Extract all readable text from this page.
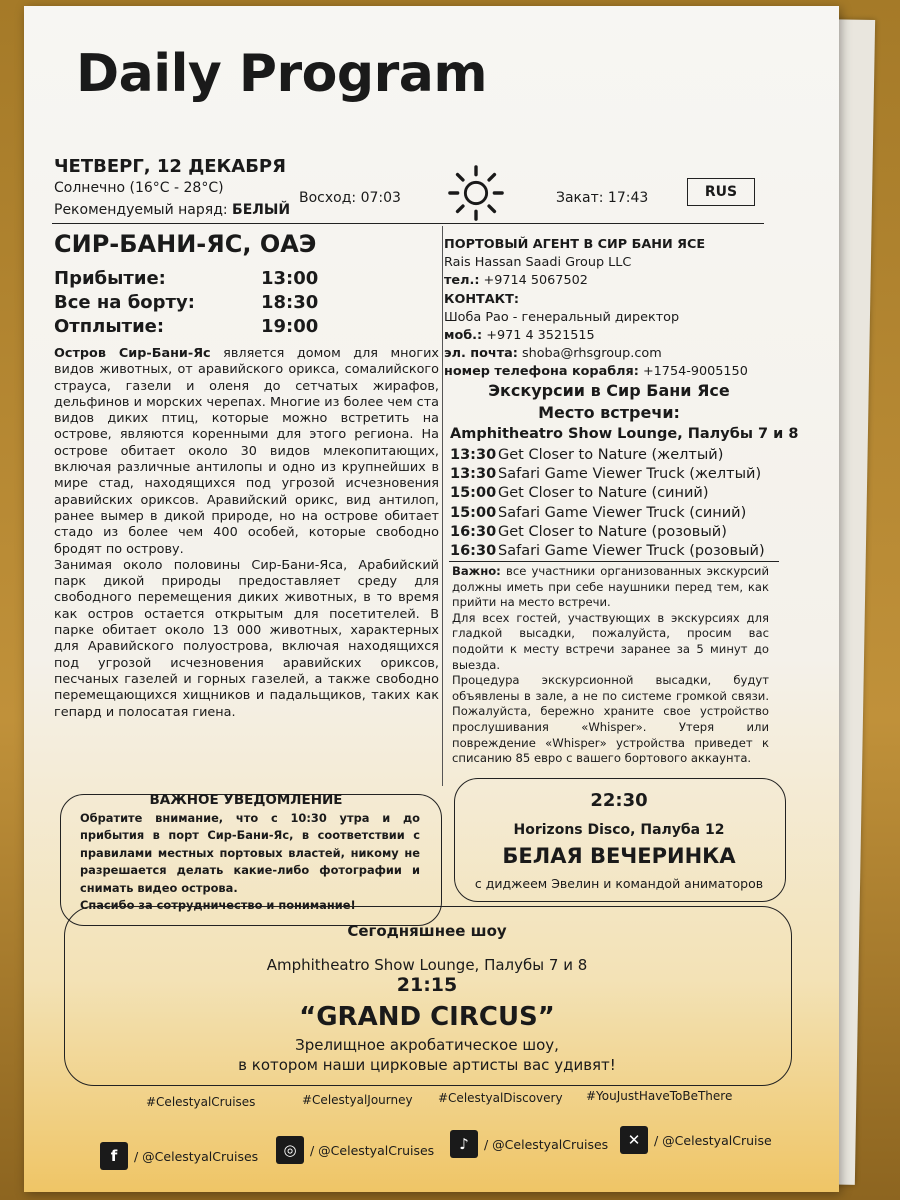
Daily Program
ЧЕТВЕРГ, 12 ДЕКАБРЯ
Солнечно (16°C - 28°C)
Рекомендуемый наряд: БЕЛЫЙ
Восход: 07:03	Закат: 17:43	RUS
СИР-БАНИ-ЯС, ОАЭ
Прибытие:	13:00
Все на борту:	18:30
Отплытие:	19:00

Остров Сир-Бани-Яс является домом для многих видов животных, от аравийского орикса, сомалийского страуса, газели и оленя до сетчатых жирафов, дельфинов и морских черепах. Многие из более чем ста видов диких птиц, которые можно встретить на острове, являются коренными для этого региона. На острове обитает около 30 видов млекопитающих, включая различные антилопы и одно из крупнейших в мире стад, находящихся под угрозой исчезновения аравийских ориксов. Аравийский орикс, вид антилоп, ранее вымер в дикой природе, но на острове обитает стадо из более чем 400 особей, которые свободно бродят по острову.

Занимая около половины Сир-Бани-Яса, Арабийский парк дикой природы предоставляет среду для свободного перемещения диких животных, в то время как остров остается открытым для посетителей. В парке обитает около 13 000 животных, характерных для Аравийского полуострова, включая находящихся под угрозой исчезновения аравийских ориксов, песчаных газелей и горных газелей, а также свободно перемещающихся хищников и падальщиков, таких как гепард и полосатая гиена.

ПОРТОВЫЙ АГЕНТ В СИР БАНИ ЯСЕ
Rais Hassan Saadi Group LLC
тел.: +9714 5067502
КОНТАКТ:
Шоба Рао - генеральный директор
моб.: +971 4 3521515
эл. почта: shoba@rhsgroup.com
номер телефона корабля: +1754-9005150
Экскурсии в Сир Бани Ясе
Место встречи:
Amphitheatro Show Lounge, Палубы 7 и 8
13:30 Get Closer to Nature (желтый)
13:30 Safari Game Viewer Truck (желтый)
15:00 Get Closer to Nature (синий)
15:00 Safari Game Viewer Truck (синий)
16:30 Get Closer to Nature (розовый)
16:30 Safari Game Viewer Truck (розовый)

Важно: все участники организованных экскурсий должны иметь при себе наушники перед тем, как прийти на место встречи.

Для всех гостей, участвующих в экскурсиях для гладкой высадки, пожалуйста, просим вас подойти к месту встречи заранее за 5 минут до выезда.

Процедура экскурсионной высадки, будут объявлены в зале, а не по системе громкой связи. Пожалуйста, бережно храните свое устройство прослушивания «Whisper». Утеря или повреждение «Whisper» устройства приведет к списанию 85 евро с вашего бортового аккаунта.

ВАЖНОЕ УВЕДОМЛЕНИЕ

Обратите внимание, что с 10:30 утра и до прибытия в порт Сир-Бани-Яс, в соответствии с правилами местных портовых властей, никому не разрешается делать какие-либо фотографии и снимать видео острова.

Спасибо за сотрудничество и понимание!

22:30
Horizons Disco, Палуба 12
БЕЛАЯ ВЕЧЕРИНКА
с диджеем Эвелин и командой аниматоров
Сегодняшнее шоу
Amphitheatro Show Lounge, Палубы 7 и 8
21:15
“GRAND CIRCUS”
Зрелищное акробатическое шоу,
в котором наши цирковые артисты вас удивят!
#CelestyalCruises	#CelestyalJourney #CelestyalDiscovery #YouJustHaveToBeThere
f	/ @CelestyalCruises	◎	/ @CelestyalCruises	♪	/ @CelestyalCruises	✕	/ @CelestyalCruise
